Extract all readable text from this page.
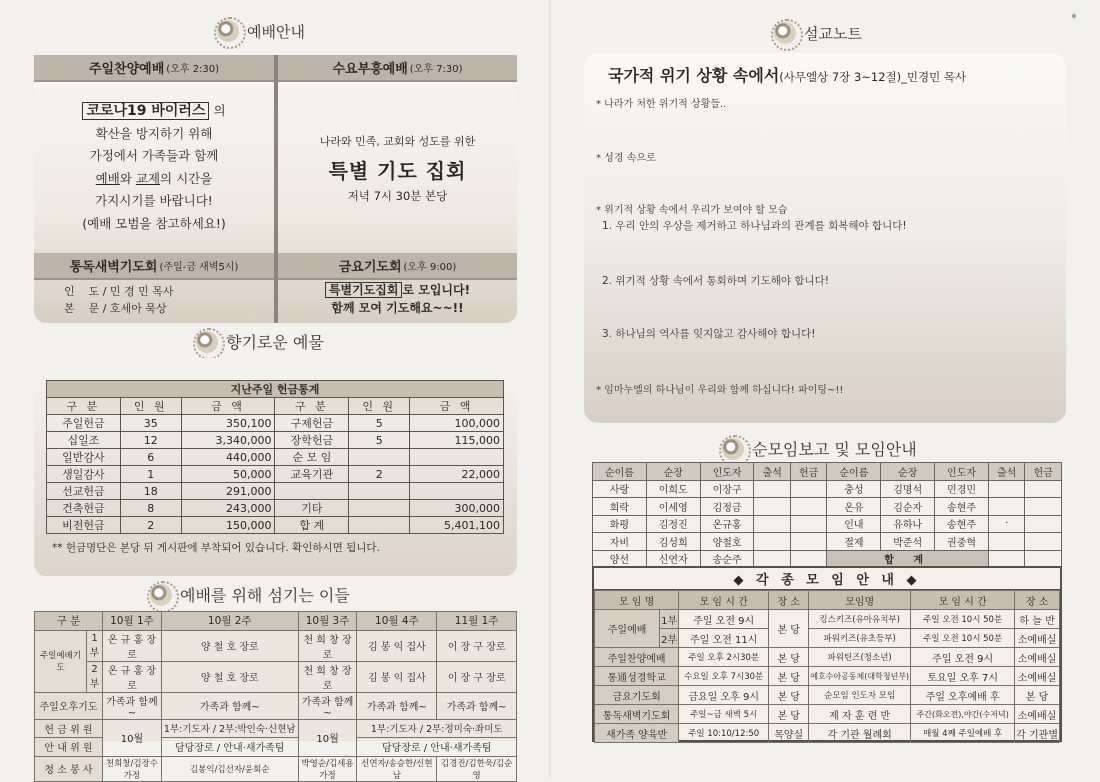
예배안내
주일찬양예배 (오후 2:30)	수요부흥예배 (오후 7:30)
코로나19 바이러스 의
확산을 방지하기 위해
가정에서 가족들과 함께
예배와 교제의 시간을
가지시기를 바랍니다!
(예배 모범을 참고하세요!)
나라와 민족, 교회와 성도를 위한
특별 기도 집회
저녁 7시 30분 본당
통독새벽기도회 (주일-금 새벽5시)	금요기도회 (오후 9:00)
인    도 / 민 경 민 목사
본    문 / 호세아 묵상
특별기도집회 로 모입니다!
함께 모여 기도해요~~!!
향기로운 예물
지난주일 헌금통계					
구 분	인 원	금 액	구 분	인 원	금 액
주일헌금	35	350,100	구제헌금	5	100,000
십일조	12	3,340,000	장학헌금	5	115,000
일반감사	6	440,000	순 모 임		
생일감사	1	50,000	교육기관	2	22,000
선교헌금	18	291,000			
건축헌금	8	243,000	기타		300,000
비전헌금	2	150,000	합 계		5,401,100
** 헌금명단은 본당 뒤 게시판에 부착되어 있습니다. 확인하시면 됩니다.
예배를 위해 섬기는 이들
구 분		10월 1주	10월 2주	10월 3주	10월 4주	11월 1주
주일예배기도	1부	온 규 홍 장로	양 철 호 장로	천 희 창 장로	김 봉 익 집사	이 장 구 장로
	2부	온 규 홍 장로	양 철 호 장로	천 희 창 장로	김 봉 익 집사	이 장 구 장로
주일오후기도		가족과 함께~	가족과 함께~	가족과 함께~	가족과 함께~	가족과 함께~
헌 금 위 원		10월	1부:기도자 / 2부:박인숙·신현남	10월	1부:기도자 / 2부:정미숙·좌미도	
안 내 위 원			담당장로 / 안내·새가족팀		담당장로 / 안내·새가족팀	
청 소 봉 사		천희창/김장수 가정	김봉익/김선자/윤회순	박영순/김세용 가정	신연자/송승한/신현남	김경진/김한욱/김순영
설교노트
국가적 위기 상황 속에서(사무엘상 7장 3~12절)_민경민 목사
* 나라가 처한 위기적 상황들..
* 성경 속으로
* 위기적 상황 속에서 우리가 보여야 할 모습
1. 우리 안의 우상을 제거하고 하나님과의 관계를 회복해야 합니다!
2. 위기적 상황 속에서 통회하며 기도해야 합니다!
3. 하나님의 역사를 잊지않고 감사해야 합니다!
* 임마누엘의 하나님이 우리와 함께 하십니다! 파이팅~!!
순모임보고 및 모임안내
순이름	순장	인도자	출석	헌금	순이름	순장	인도자	출석	헌금
사랑	이희도	이장구			충성	김명석	민경민		
희락	이세영	김정금			온유	김순자	송현주		
화평	김정진	온규홍			인내	유하나	송현주	·	
자비	김성희	양철호			절제	박준석	권중혁		
양선	신연자	송순주			합 계				
◆ 각 종 모 임 안 내 ◆
모 임 명		모 임 시 간	장 소	모임명	모 임 시 간	장 소
주일예배	1부	주일 오전 9시	본 당	킹스키즈(유아유치부)	주일 오전 10시 50분	하 늘 반
	2부	주일 오전 11시		파워키즈(유초등부)	주일 오전 10시 50분	소예배실
주일찬양예배		주일 오후 2시30분	본 당	파워틴즈(청소년)	주일 오전 9시	소예배실
통通성경학교		수요일 오후 7시30분	본 당	예호수아공동체(대학청년부)	토요일 오후 7시	소예배실
금요기도회		금요일 오후 9시	본 당	순모임 인도자 모임	주일 오후예배 후	본 당
통독새벽기도회		주일~금 새벽 5시	본 당	제 자 훈 련 반	주간(화오전),야간(수저녁)	소예배실
새가족 양육반		주일 10:10/12:50	목양실	각 기관 월례회	매월 4째 주일예배 후	각 기관별
